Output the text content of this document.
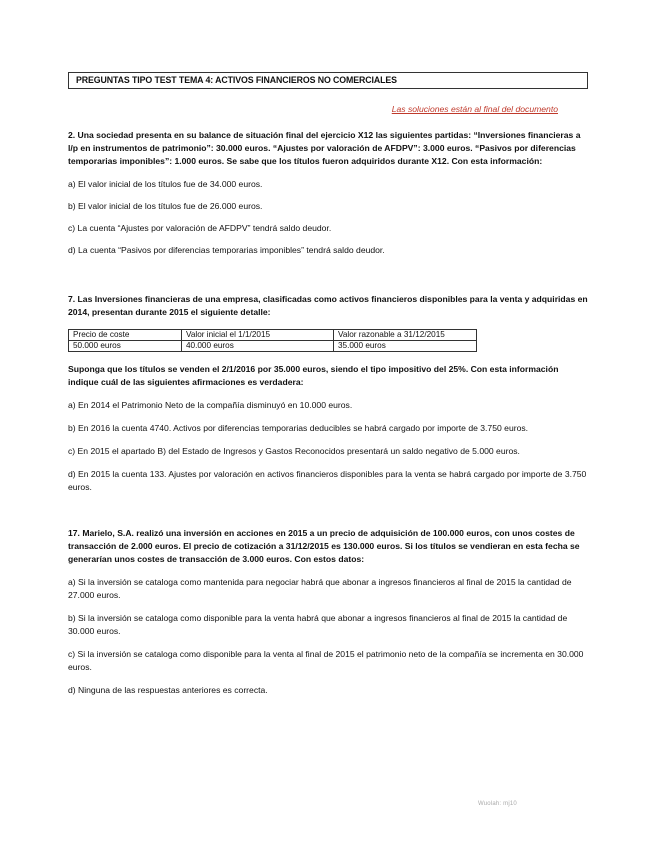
PREGUNTAS TIPO TEST TEMA 4: ACTIVOS FINANCIEROS NO COMERCIALES
Las soluciones están al final del documento

2. Una sociedad presenta en su balance de situación final del ejercicio X12 las siguientes partidas: “Inversiones financieras a l/p en instrumentos de patrimonio”: 30.000 euros. “Ajustes por valoración de AFDPV”: 3.000 euros. “Pasivos por diferencias temporarias imponibles”: 1.000 euros. Se sabe que los títulos fueron adquiridos durante X12. Con esta información:

a) El valor inicial de los títulos fue de 34.000 euros.

b) El valor inicial de los títulos fue de 26.000 euros.

c) La cuenta “Ajustes por valoración de AFDPV” tendrá saldo deudor.

d) La cuenta “Pasivos por diferencias temporarias imponibles” tendrá saldo deudor.

7. Las Inversiones financieras de una empresa, clasificadas como activos financieros disponibles para la venta y adquiridas en 2014, presentan durante 2015 el siguiente detalle:

Precio de coste	Valor inicial el 1/1/2015	Valor razonable a 31/12/2015
50.000 euros	40.000 euros	35.000 euros

Suponga que los títulos se venden el 2/1/2016 por 35.000 euros, siendo el tipo impositivo del 25%. Con esta información indique cuál de las siguientes afirmaciones es verdadera:

a) En 2014 el Patrimonio Neto de la compañía disminuyó en 10.000 euros.

b) En 2016 la cuenta 4740. Activos por diferencias temporarias deducibles se habrá cargado por importe de 3.750 euros.

c) En 2015 el apartado B) del Estado de Ingresos y Gastos Reconocidos presentará un saldo negativo de 5.000 euros.

d) En 2015 la cuenta 133. Ajustes por valoración en activos financieros disponibles para la venta se habrá cargado por importe de 3.750 euros.

17. Marielo, S.A. realizó una inversión en acciones en 2015 a un precio de adquisición de 100.000 euros, con unos costes de transacción de 2.000 euros. El precio de cotización a 31/12/2015 es 130.000 euros. Si los títulos se vendieran en esta fecha se generarían unos costes de transacción de 3.000 euros. Con estos datos:

a) Si la inversión se cataloga como mantenida para negociar habrá que abonar a ingresos financieros al final de 2015 la cantidad de 27.000 euros.

b) Si la inversión se cataloga como disponible para la venta habrá que abonar a ingresos financieros al final de 2015 la cantidad de 30.000 euros.

c) Si la inversión se cataloga como disponible para la venta al final de 2015 el patrimonio neto de la compañía se incrementa en 30.000 euros.

d) Ninguna de las respuestas anteriores es correcta.

Wuolah: mj10
